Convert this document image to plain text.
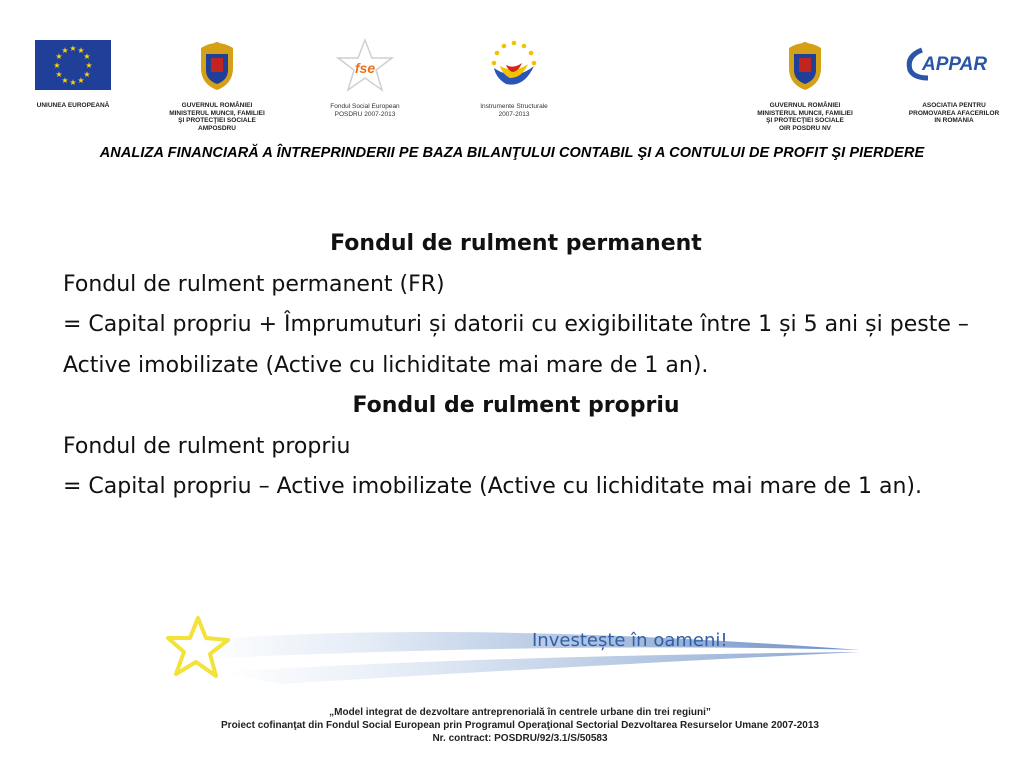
★ ★
★
★
★
★
★
★
★
★
★
★
UNIUNEA EUROPEANĂ	GUVERNUL ROMÂNIEI
MINISTERUL MUNCII, FAMILIEI
ŞI PROTECŢIEI SOCIALE
AMPOSDRU
fse
Fondul Social European
POSDRU 2007-2013
Instrumente Structurale
2007-2013
GUVERNUL ROMÂNIEI
MINISTERUL MUNCII, FAMILIEI
ŞI PROTECŢIEI SOCIALE
OIR POSDRU NV
APPAR
ASOCIATIA PENTRU
PROMOVAREA AFACERILOR
IN ROMANIA
ANALIZA FINANCIARĂ A ÎNTREPRINDERII PE BAZA BILANŢULUI CONTABIL ŞI A CONTULUI DE PROFIT ŞI PIERDERE
Fondul de rulment permanent
Fondul de rulment permanent (FR)
= Capital propriu + Împrumuturi și datorii cu exigibilitate între 1 și 5 ani și peste – Active imobilizate (Active cu lichiditate mai mare de 1 an).
Fondul de rulment propriu
Fondul de rulment propriu
= Capital propriu – Active imobilizate (Active cu lichiditate mai mare de 1 an).
Investește în oameni!
„Model integrat de dezvoltare antreprenorială în centrele urbane din trei regiuni”
Proiect cofinanţat din Fondul Social European prin Programul Operaţional Sectorial Dezvoltarea Resurselor Umane 2007-2013
Nr. contract: POSDRU/92/3.1/S/50583
